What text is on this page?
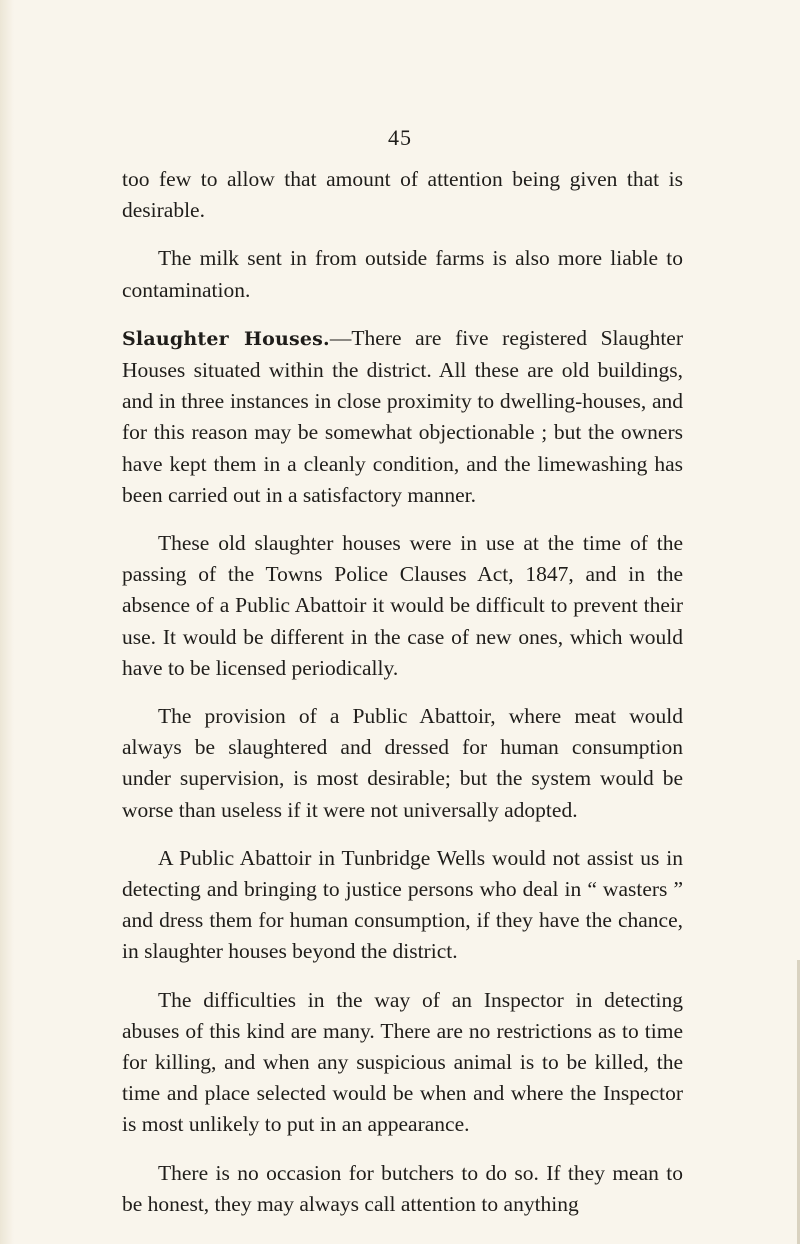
45

too few to allow that amount of attention being given that is desirable.

The milk sent in from outside farms is also more liable to contamination.

Slaughter Houses.—There are five registered Slaughter Houses situated within the district. All these are old buildings, and in three instances in close proximity to dwelling-houses, and for this reason may be somewhat objectionable ; but the owners have kept them in a cleanly condition, and the limewashing has been carried out in a satisfactory manner.

These old slaughter houses were in use at the time of the passing of the Towns Police Clauses Act, 1847, and in the absence of a Public Abattoir it would be difficult to prevent their use. It would be different in the case of new ones, which would have to be licensed periodically.

The provision of a Public Abattoir, where meat would always be slaughtered and dressed for human consumption under supervision, is most desirable; but the system would be worse than useless if it were not universally adopted.

A Public Abattoir in Tunbridge Wells would not assist us in detecting and bringing to justice persons who deal in “ wasters ” and dress them for human consumption, if they have the chance, in slaughter houses beyond the district.

The difficulties in the way of an Inspector in detecting abuses of this kind are many. There are no restrictions as to time for killing, and when any suspicious animal is to be killed, the time and place selected would be when and where the Inspector is most unlikely to put in an appearance.

There is no occasion for butchers to do so. If they mean to be honest, they may always call attention to anything
